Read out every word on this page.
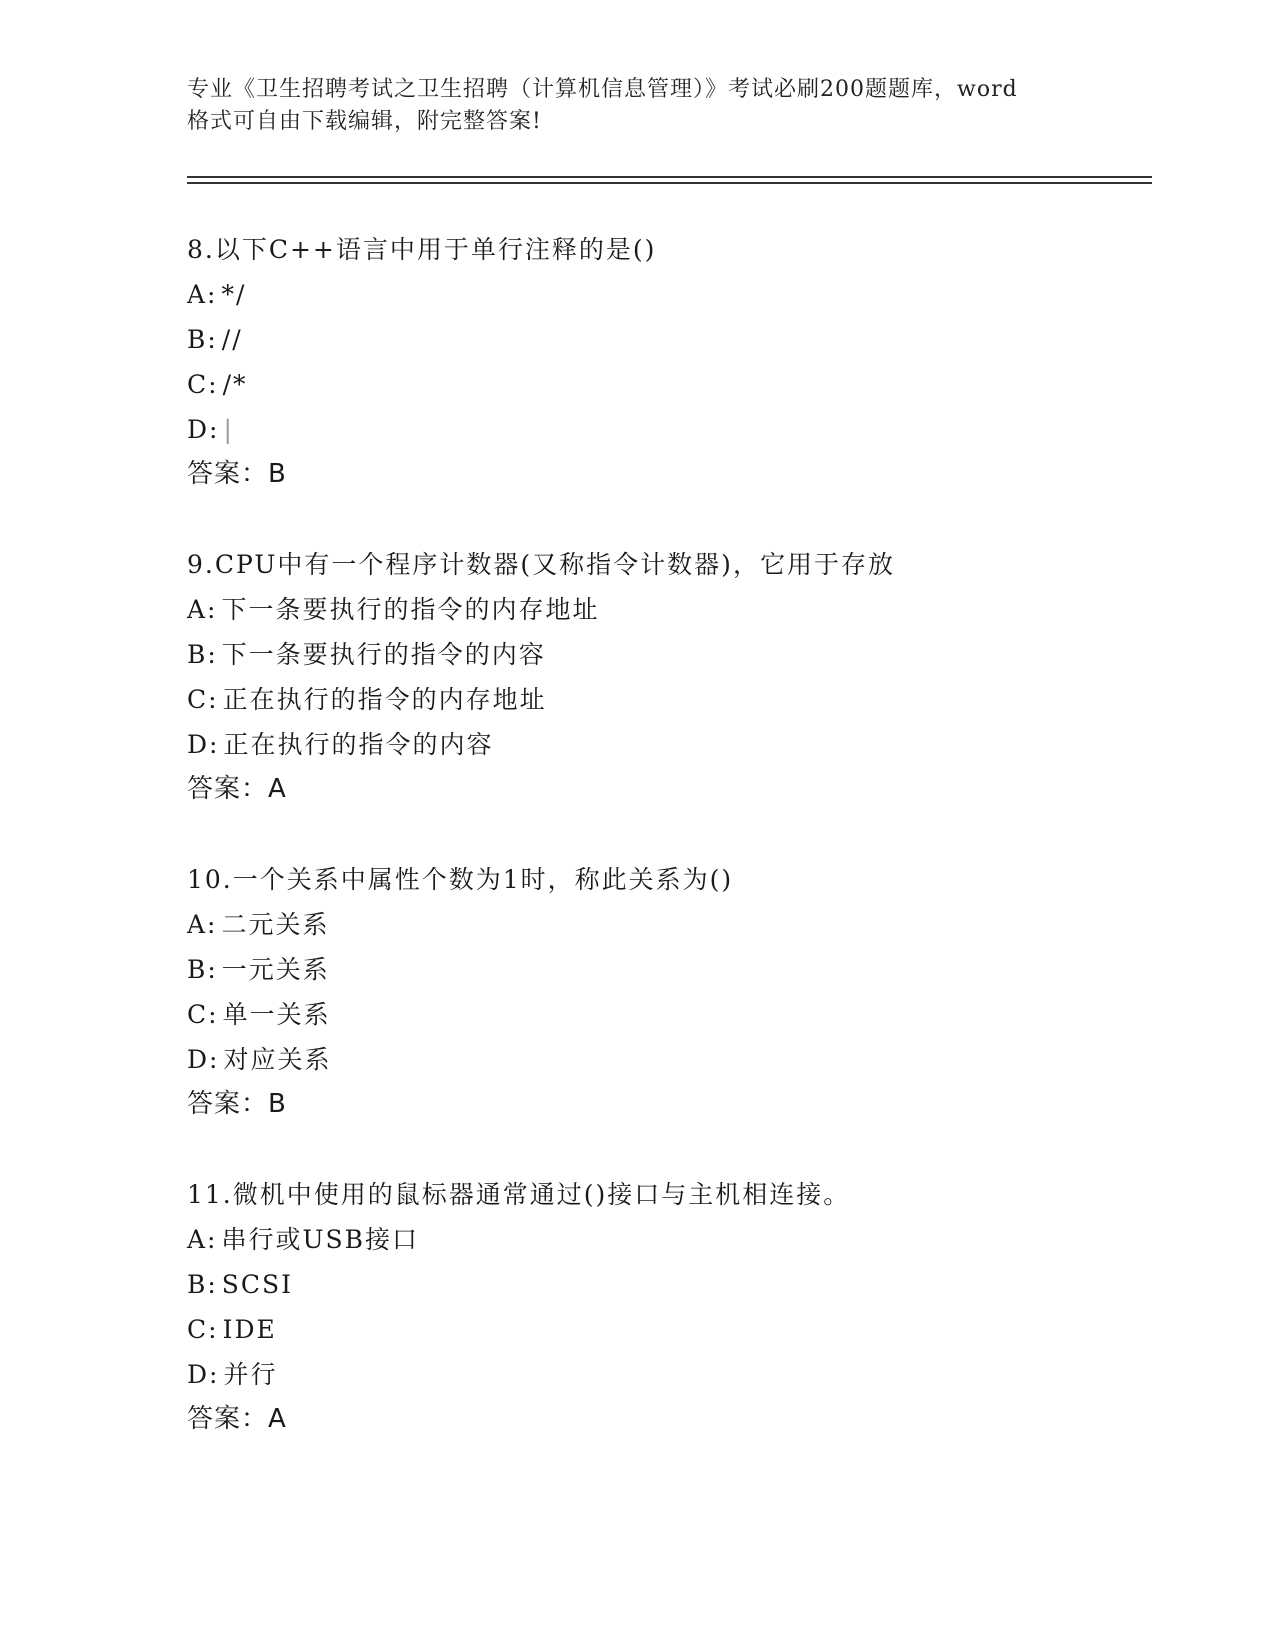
专业《卫生招聘考试之卫生招聘（计算机信息管理）》考试必刷200题题库，word
格式可自由下载编辑，附完整答案!
8.以下C++语言中用于单行注释的是()
A: */
B: //
C: /*
D: |
答案：B
9.CPU中有一个程序计数器(又称指令计数器)，它用于存放
A: 下一条要执行的指令的内存地址
B: 下一条要执行的指令的内容
C: 正在执行的指令的内存地址
D: 正在执行的指令的内容
答案：A
10.一个关系中属性个数为1时，称此关系为()
A: 二元关系
B: 一元关系
C: 单一关系
D: 对应关系
答案：B
11.微机中使用的鼠标器通常通过()接口与主机相连接。
A: 串行或USB接口
B: SCSI
C: IDE
D: 并行
答案：A
